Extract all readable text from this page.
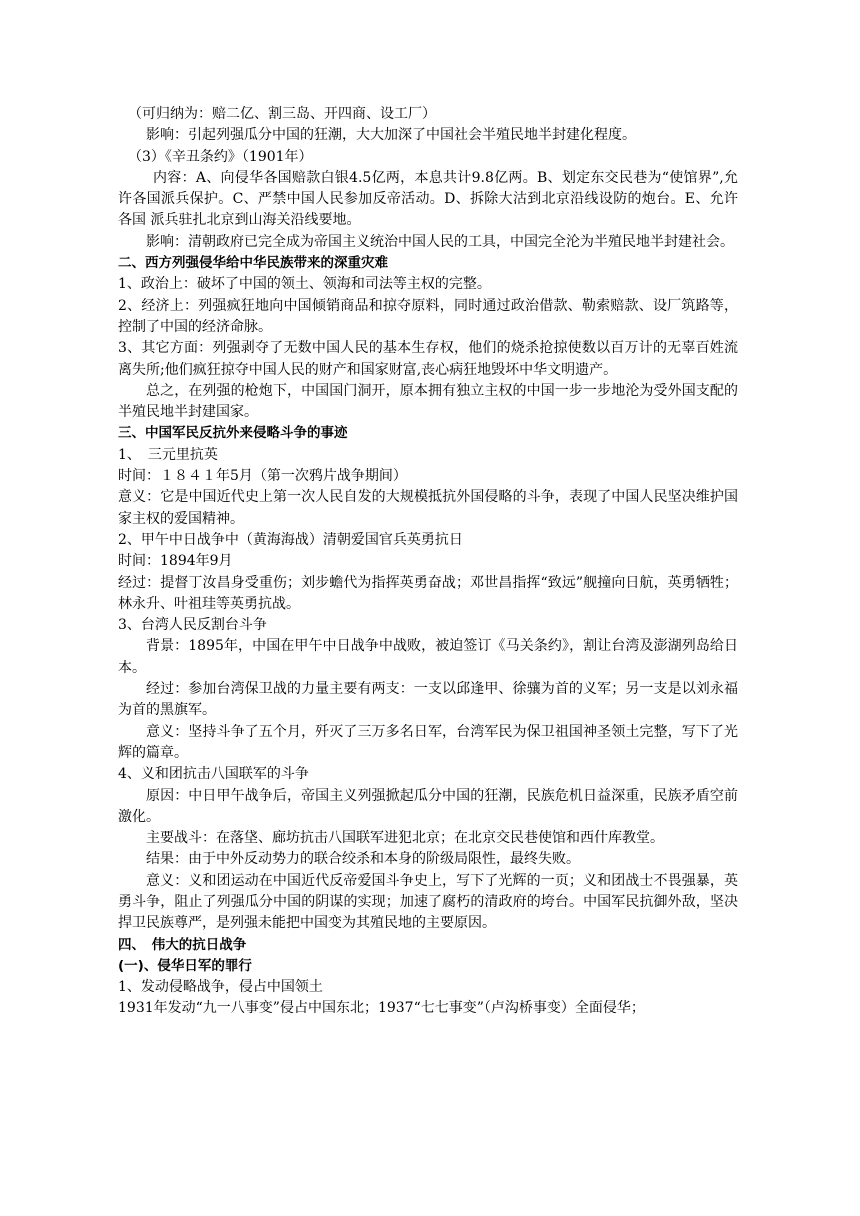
（可归纳为：赔二亿、割三岛、开四商、设工厂）

影响：引起列强瓜分中国的狂潮，大大加深了中国社会半殖民地半封建化程度。

（3）《辛丑条约》（1901年）

内容：A、向侵华各国赔款白银4.5亿两，本息共计9.8亿两。B、划定东交民巷为“使馆界”,允许各国派兵保护。C、严禁中国人民参加反帝活动。D、拆除大沽到北京沿线设防的炮台。E、允许各国 派兵驻扎北京到山海关沿线要地。

影响：清朝政府已完全成为帝国主义统治中国人民的工具，中国完全沦为半殖民地半封建社会。

二、西方列强侵华给中华民族带来的深重灾难

1、政治上：破坏了中国的领土、领海和司法等主权的完整。

2、经济上：列强疯狂地向中国倾销商品和掠夺原料，同时通过政治借款、勒索赔款、设厂筑路等，控制了中国的经济命脉。

3、其它方面：列强剥夺了无数中国人民的基本生存权，他们的烧杀抢掠使数以百万计的无辜百姓流离失所;他们疯狂掠夺中国人民的财产和国家财富,丧心病狂地毁坏中华文明遗产。

总之，在列强的枪炮下，中国国门洞开，原本拥有独立主权的中国一步一步地沦为受外国支配的半殖民地半封建国家。

三、中国军民反抗外来侵略斗争的事迹

1、　三元里抗英

时间：１８４１年5月（第一次鸦片战争期间）

意义：它是中国近代史上第一次人民自发的大规模抵抗外国侵略的斗争，表现了中国人民坚决维护国家主权的爱国精神。

2、甲午中日战争中（黄海海战）清朝爱国官兵英勇抗日

时间：1894年9月

经过：提督丁汝昌身受重伤；刘步蟾代为指挥英勇奋战；邓世昌指挥“致远”舰撞向日航，英勇牺牲；林永升、叶祖珪等英勇抗战。

3、台湾人民反割台斗争

背景：1895年，中国在甲午中日战争中战败，被迫签订《马关条约》，割让台湾及澎湖列岛给日本。

经过：参加台湾保卫战的力量主要有两支：一支以邱逢甲、徐骧为首的义军；另一支是以刘永福为首的黑旗军。

意义：坚持斗争了五个月，歼灭了三万多名日军，台湾军民为保卫祖国神圣领土完整，写下了光辉的篇章。

4、义和团抗击八国联军的斗争

原因：中日甲午战争后，帝国主义列强掀起瓜分中国的狂潮，民族危机日益深重，民族矛盾空前激化。

主要战斗：在落垡、廊坊抗击八国联军进犯北京；在北京交民巷使馆和西什库教堂。

结果：由于中外反动势力的联合绞杀和本身的阶级局限性，最终失败。

意义：义和团运动在中国近代反帝爱国斗争史上，写下了光辉的一页；义和团战士不畏强暴，英勇斗争，阻止了列强瓜分中国的阴谋的实现；加速了腐朽的清政府的垮台。中国军民抗御外敌，坚决捍卫民族尊严，是列强未能把中国变为其殖民地的主要原因。

四、　伟大的抗日战争

(一)、侵华日军的罪行

1、发动侵略战争，侵占中国领土

1931年发动“九一八事变”侵占中国东北；1937“七七事变”（卢沟桥事变）全面侵华；
